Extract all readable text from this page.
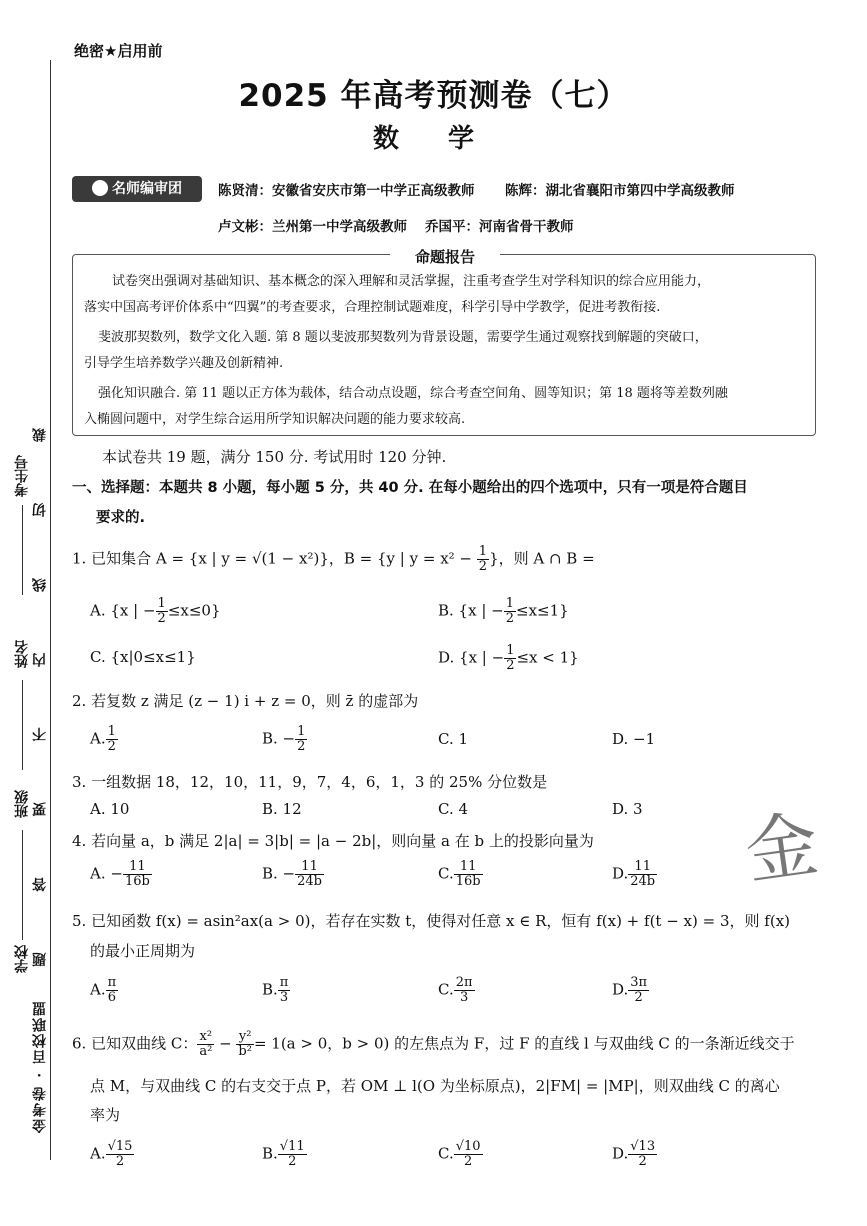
考生号
姓名
班级
学校 题 答 要 不 内 线 切 裁
金考卷 · 百校联盟
绝密★启用前
2025 年高考预测卷（七）
数 学
名师编审团	陈贤清：安徽省安庆市第一中学正高级教师 陈辉：湖北省襄阳市第四中学高级教师
卢文彬：兰州第一中学高级教师 乔国平：河南省骨干教师
命题报告
试卷突出强调对基础知识、基本概念的深入理解和灵活掌握，注重考查学生对学科知识的综合应用能力，
落实中国高考评价体系中“四翼”的考查要求，合理控制试题难度，科学引导中学教学，促进考教衔接.
斐波那契数列，数学文化入题. 第 8 题以斐波那契数列为背景设题，需要学生通过观察找到解题的突破口，
引导学生培养数学兴趣及创新精神.
强化知识融合. 第 11 题以正方体为载体，结合动点设题，综合考查空间角、圆等知识；第 18 题将等差数列融
入椭圆问题中，对学生综合运用所学知识解决问题的能力要求较高.
本试卷共 19 题，满分 150 分. 考试用时 120 分钟.
一、选择题：本题共 8 小题，每小题 5 分，共 40 分. 在每小题给出的四个选项中，只有一项是符合题目
要求的.
1. 已知集合 A = {x | y = √(1 − x²)}，B = {y | $y = x^2 - \frac{1}{2}$ }，则 A ∩ B =
A. {x | − $\frac{1}{2} \le x\le 0$}	B. {x | − $\frac{1}{2} \le x\le 1$}
C. {x|0≤x≤1}	D. {x | − $\frac{1}{2} \le x < 1$}
2. 若复数 z 满足 (z − 1) i + z = 0，则 z̄ 的虚部为
A. $\frac{1}{2}$	B. − $\frac{1}{2}$	C. 1	D. −1
3. 一组数据 18，12，10，11，9，7，4，6，1，3 的 25% 分位数是
A. 10	B. 12	C. 4	D. 3 金
4. 若向量 a，b 满足 2|a| = 3|b| = |a − 2b|，则向量 a 在 b 上的投影向量为
A. − $\frac{11}{16b}$	B. − $\frac{11}{24b}$	C. $\frac{11}{16b}$	D. $\frac{11}{24b}$
5. 已知函数 f(x) = asin²ax(a > 0)，若存在实数 t，使得对任意 x ∈ R，恒有 f(x) + f(t − x) = 3，则 f(x)
的最小正周期为
A. $\frac{\pi}{6}$	B. $\frac{\pi}{3}$	C. $\frac{2\pi}{3}$	D. $\frac{3\pi}{2}$
6. 已知双曲线 C： $\frac{\text{x²}}{\text{a²}} - \frac{\text{y²}}{\text{b²}} = 1(a > 0$，b > 0) 的左焦点为 F，过 F 的直线 l 与双曲线 C 的一条渐近线交于
点 M，与双曲线 C 的右支交于点 P，若 OM ⊥ l(O 为坐标原点)，2|FM| = |MP|，则双曲线 C 的离心
率为
A. $\frac{√15}{2}$	B. $\frac{√11}{2}$	C. $\frac{√10}{2}$	D. $\frac{√13}{2}$
